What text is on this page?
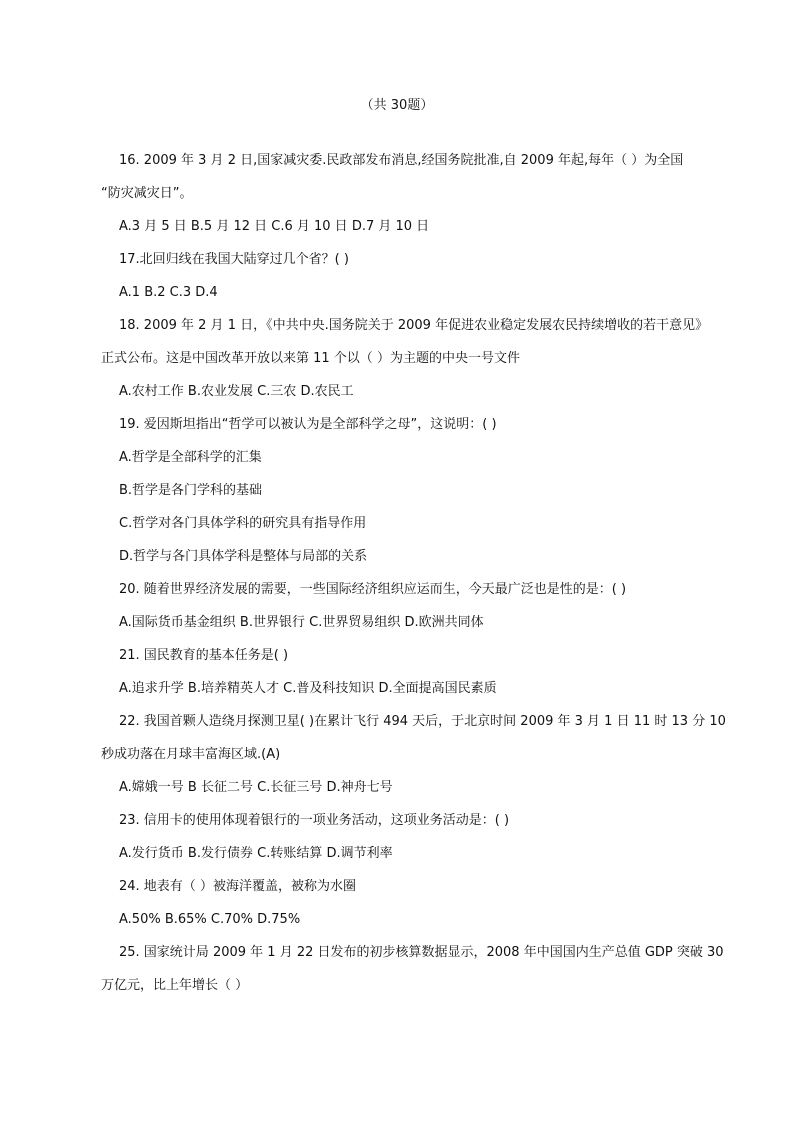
（共 30题）

16. 2009 年 3 月 2 日,国家减灾委.民政部发布消息,经国务院批准,自 2009 年起,每年（ ）为全国

“防灾减灾日”。

A.3 月 5 日 B.5 月 12 日 C.6 月 10 日 D.7 月 10 日

17.北回归线在我国大陆穿过几个省？( )

A.1 B.2 C.3 D.4

18. 2009 年 2 月 1 日，《中共中央.国务院关于 2009 年促进农业稳定发展农民持续增收的若干意见》

正式公布。这是中国改革开放以来第 11 个以（ ）为主题的中央一号文件

A.农村工作 B.农业发展 C.三农 D.农民工

19. 爱因斯坦指出“哲学可以被认为是全部科学之母”，这说明：( )

A.哲学是全部科学的汇集

B.哲学是各门学科的基础

C.哲学对各门具体学科的研究具有指导作用

D.哲学与各门具体学科是整体与局部的关系

20. 随着世界经济发展的需要，一些国际经济组织应运而生，今天最广泛也是性的是：( )

A.国际货币基金组织 B.世界银行 C.世界贸易组织 D.欧洲共同体

21. 国民教育的基本任务是( )

A.追求升学 B.培养精英人才 C.普及科技知识 D.全面提高国民素质

22. 我国首颗人造绕月探测卫星( )在累计飞行 494 天后，于北京时间 2009 年 3 月 1 日 11 时 13 分 10

秒成功落在月球丰富海区域.(A)

A.嫦娥一号 B 长征二号 C.长征三号 D.神舟七号

23. 信用卡的使用体现着银行的一项业务活动，这项业务活动是：( )

A.发行货币 B.发行债券 C.转账结算 D.调节利率

24. 地表有（ ）被海洋覆盖，被称为水圈

A.50% B.65% C.70% D.75%

25. 国家统计局 2009 年 1 月 22 日发布的初步核算数据显示，2008 年中国国内生产总值 GDP 突破 30

万亿元，比上年增长（ ）
